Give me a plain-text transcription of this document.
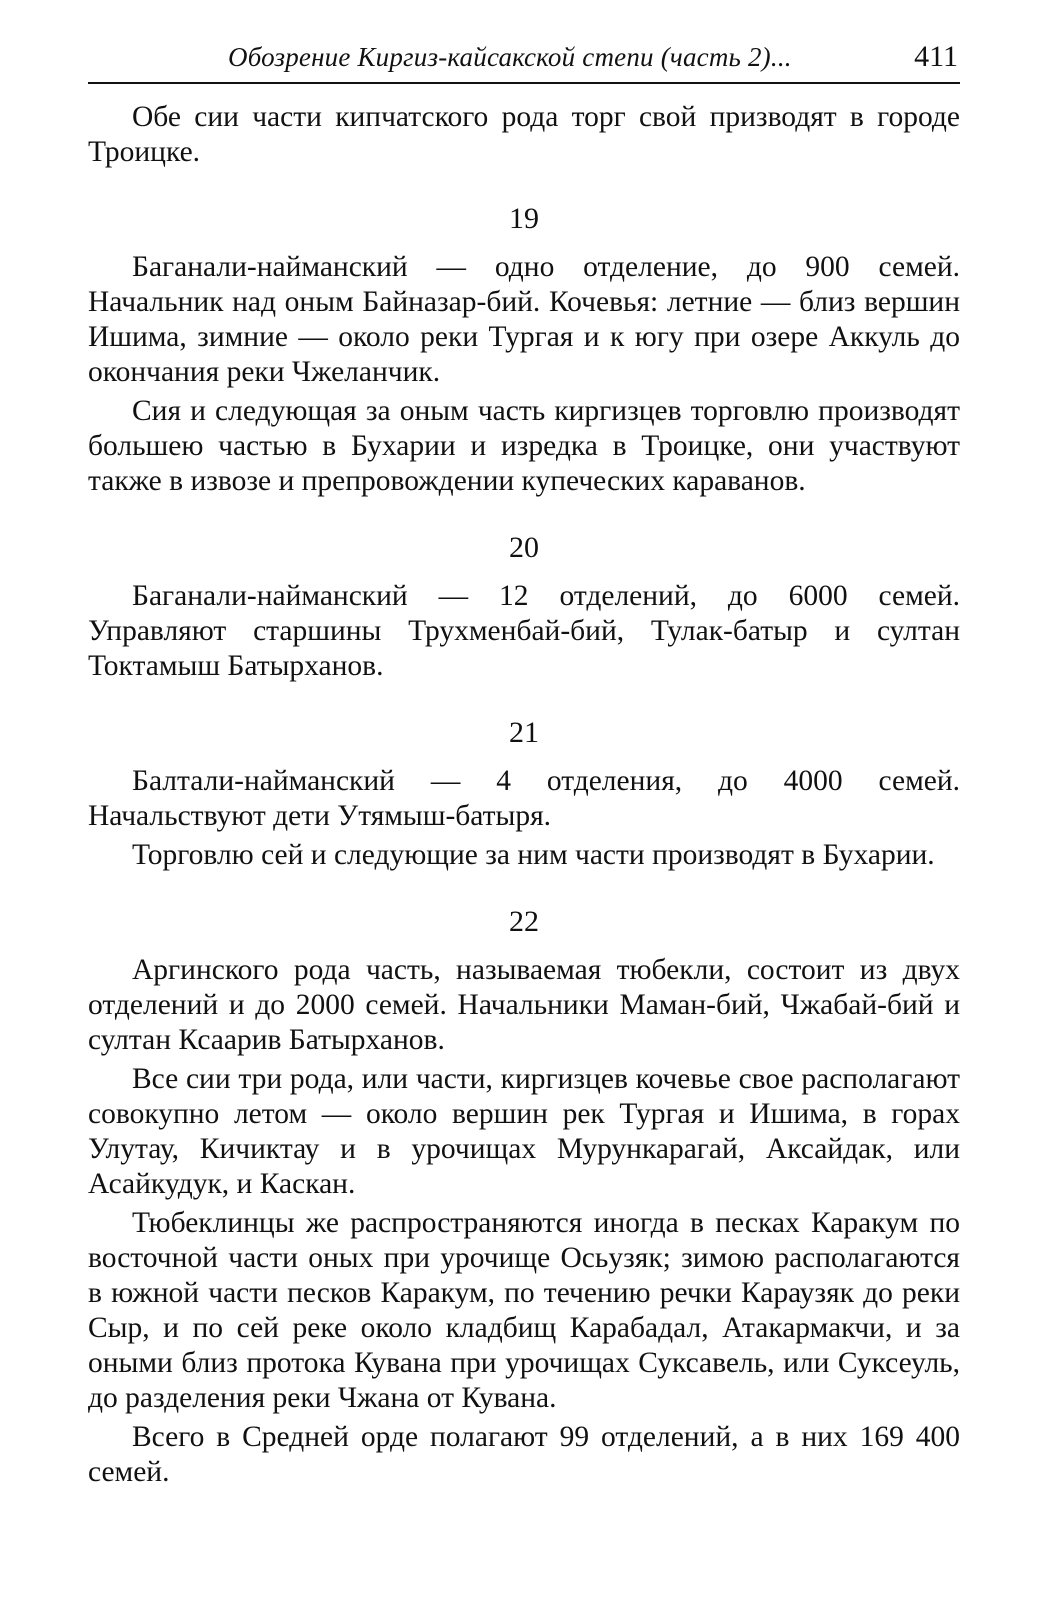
Обозрение Киргиз-кайсакской степи (часть 2)...	411

Обе сии части кипчатского рода торг свой призводят в городе Троицке.

19

Баганали-найманский — одно отделение, до 900 семей. Начальник над оным Байназар-бий. Кочевья: летние — близ вершин Ишима, зимние — около реки Тургая и к югу при озере Аккуль до окончания реки Чжеланчик.

Сия и следующая за оным часть киргизцев торговлю производят большею частью в Бухарии и изредка в Троицке, они участвуют также в извозе и препровождении купеческих караванов.

20

Баганали-найманский — 12 отделений, до 6000 семей. Управляют старшины Трухменбай-бий, Тулак-батыр и султан Токтамыш Батырханов.

21

Балтали-найманский — 4 отделения, до 4000 семей. Начальствуют дети Утямыш-батыря.

Торговлю сей и следующие за ним части производят в Бухарии.

22

Аргинского рода часть, называемая тюбекли, состоит из двух отделений и до 2000 семей. Начальники Маман-бий, Чжабай-бий и султан Ксаарив Батырханов.

Все сии три рода, или части, киргизцев кочевье свое располагают совокупно летом — около вершин рек Тургая и Ишима, в горах Улутау, Кичиктау и в урочищах Мурункарагай, Аксайдак, или Асайкудук, и Каскан.

Тюбеклинцы же распространяются иногда в песках Каракум по восточной части оных при урочище Осьузяк; зимою располагаются в южной части песков Каракум, по течению речки Караузяк до реки Сыр, и по сей реке около кладбищ Карабадал, Атакармакчи, и за оными близ протока Кувана при урочищах Суксавель, или Суксеуль, до разделения реки Чжана от Кувана.

Всего в Средней орде полагают 99 отделений, а в них 169 400 семей.
